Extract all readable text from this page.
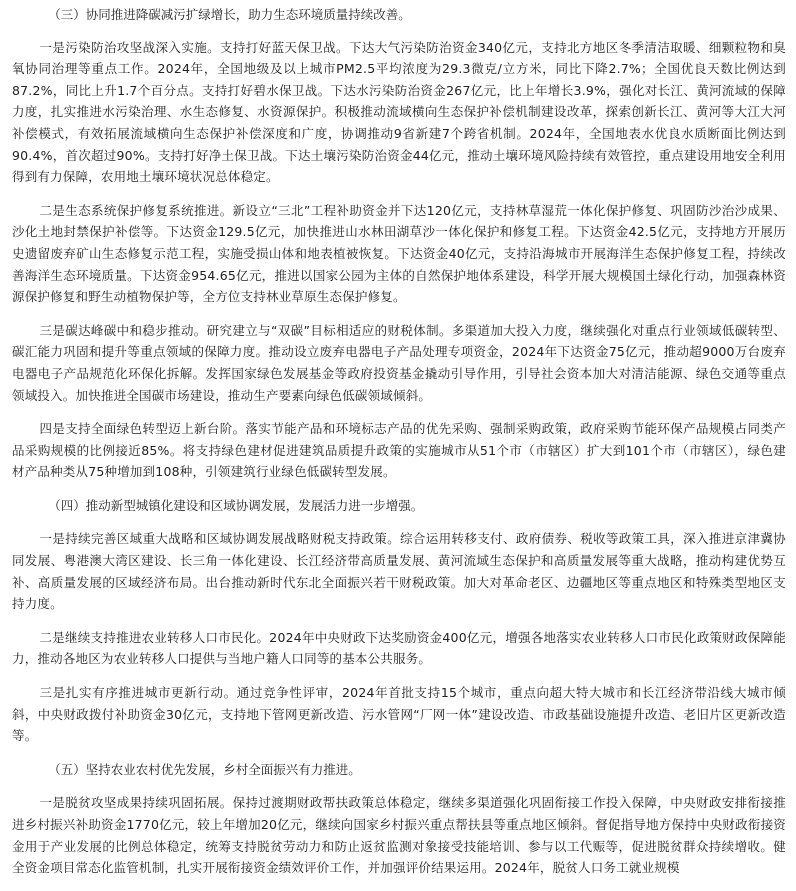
（三）协同推进降碳减污扩绿增长，助力生态环境质量持续改善。

一是污染防治攻坚战深入实施。支持打好蓝天保卫战。下达大气污染防治资金340亿元，支持北方地区冬季清洁取暖、细颗粒物和臭氧协同治理等重点工作。2024年，全国地级及以上城市PM2.5平均浓度为29.3微克/立方米，同比下降2.7%；全国优良天数比例达到87.2%，同比上升1.7个百分点。支持打好碧水保卫战。下达水污染防治资金267亿元，比上年增长3.9%，强化对长江、黄河流域的保障力度，扎实推进水污染治理、水生态修复、水资源保护。积极推动流域横向生态保护补偿机制建设改革，探索创新长江、黄河等大江大河补偿模式，有效拓展流域横向生态保护补偿深度和广度，协调推动9省新建7个跨省机制。2024年，全国地表水优良水质断面比例达到90.4%，首次超过90%。支持打好净土保卫战。下达土壤污染防治资金44亿元，推动土壤环境风险持续有效管控，重点建设用地安全利用得到有力保障，农用地土壤环境状况总体稳定。

二是生态系统保护修复系统推进。新设立“三北”工程补助资金并下达120亿元，支持林草湿荒一体化保护修复、巩固防沙治沙成果、沙化土地封禁保护补偿等。下达资金129.5亿元，加快推进山水林田湖草沙一体化保护和修复工程。下达资金42.5亿元，支持地方开展历史遗留废弃矿山生态修复示范工程，实施受损山体和地表植被恢复。下达资金40亿元，支持沿海城市开展海洋生态保护修复工程，持续改善海洋生态环境质量。下达资金954.65亿元，推进以国家公园为主体的自然保护地体系建设，科学开展大规模国土绿化行动，加强森林资源保护修复和野生动植物保护等，全方位支持林业草原生态保护修复。

三是碳达峰碳中和稳步推动。研究建立与“双碳”目标相适应的财税体制。多渠道加大投入力度，继续强化对重点行业领域低碳转型、碳汇能力巩固和提升等重点领域的保障力度。推动设立废弃电器电子产品处理专项资金，2024年下达资金75亿元，推动超9000万台废弃电器电子产品规范化环保化拆解。发挥国家绿色发展基金等政府投资基金撬动引导作用，引导社会资本加大对清洁能源、绿色交通等重点领域投入。加快推进全国碳市场建设，推动生产要素向绿色低碳领域倾斜。

四是支持全面绿色转型迈上新台阶。落实节能产品和环境标志产品的优先采购、强制采购政策，政府采购节能环保产品规模占同类产品采购规模的比例接近85%。将支持绿色建材促进建筑品质提升政策的实施城市从51个市（市辖区）扩大到101个市（市辖区），绿色建材产品种类从75种增加到108种，引领建筑行业绿色低碳转型发展。

（四）推动新型城镇化建设和区域协调发展，发展活力进一步增强。

一是持续完善区域重大战略和区域协调发展战略财税支持政策。综合运用转移支付、政府债券、税收等政策工具，深入推进京津冀协同发展、粤港澳大湾区建设、长三角一体化建设、长江经济带高质量发展、黄河流域生态保护和高质量发展等重大战略，推动构建优势互补、高质量发展的区域经济布局。出台推动新时代东北全面振兴若干财税政策。加大对革命老区、边疆地区等重点地区和特殊类型地区支持力度。

二是继续支持推进农业转移人口市民化。2024年中央财政下达奖励资金400亿元，增强各地落实农业转移人口市民化政策财政保障能力，推动各地区为农业转移人口提供与当地户籍人口同等的基本公共服务。

三是扎实有序推进城市更新行动。通过竞争性评审，2024年首批支持15个城市，重点向超大特大城市和长江经济带沿线大城市倾斜，中央财政拨付补助资金30亿元，支持地下管网更新改造、污水管网“厂网一体”建设改造、市政基础设施提升改造、老旧片区更新改造等。

（五）坚持农业农村优先发展，乡村全面振兴有力推进。

一是脱贫攻坚成果持续巩固拓展。保持过渡期财政帮扶政策总体稳定，继续多渠道强化巩固衔接工作投入保障，中央财政安排衔接推进乡村振兴补助资金1770亿元，较上年增加20亿元，继续向国家乡村振兴重点帮扶县等重点地区倾斜。督促指导地方保持中央财政衔接资金用于产业发展的比例总体稳定，统筹支持脱贫劳动力和防止返贫监测对象接受技能培训、参与以工代赈等，促进脱贫群众持续增收。健全资金项目常态化监管机制，扎实开展衔接资金绩效评价工作，并加强评价结果运用。2024年，脱贫人口务工就业规模
